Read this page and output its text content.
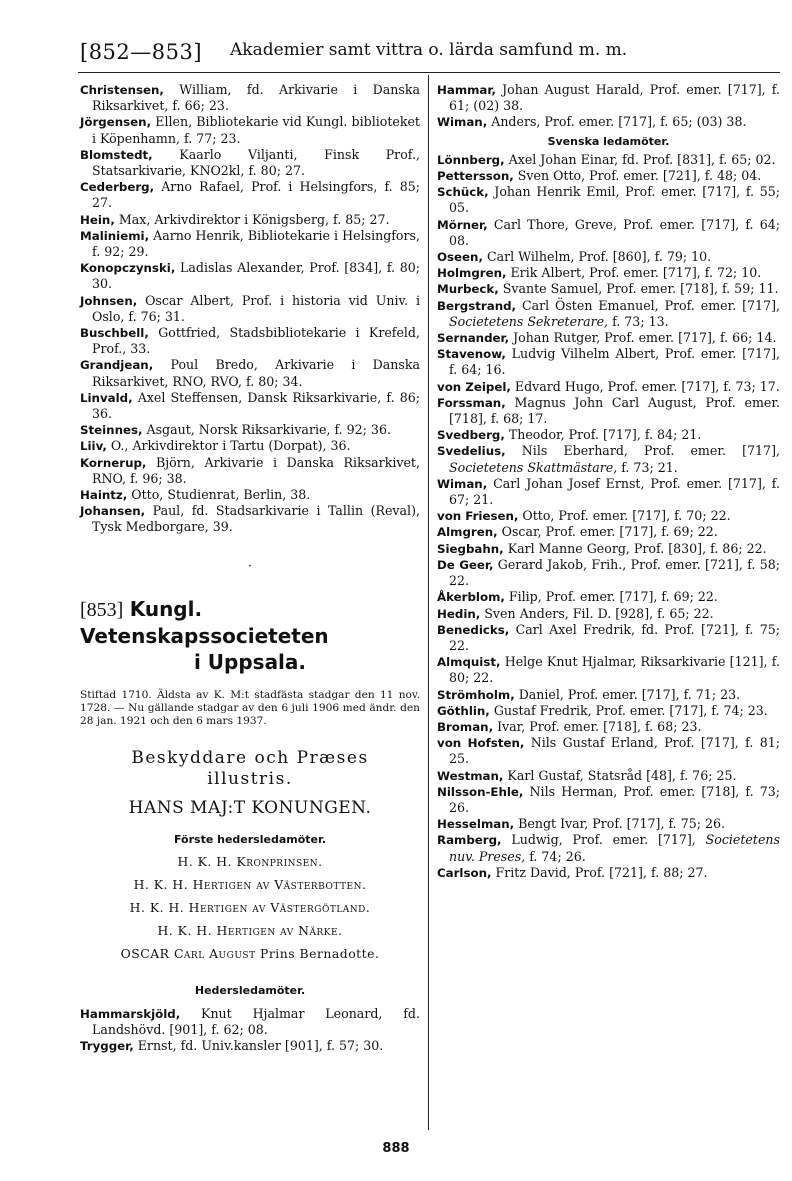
[852—853] Akademier samt vittra o. lärda samfund m. m.
Christensen, William, fd. Arkivarie i Danska Riksarkivet, f. 66; 23.
Jörgensen, Ellen, Bibliotekarie vid Kungl. biblioteket i Köpenhamn, f. 77; 23.
Blomstedt, Kaarlo Viljanti, Finsk Prof., Statsarkivarie, KNO2kl, f. 80; 27.
Cederberg, Arno Rafael, Prof. i Helsingfors, f. 85; 27.
Hein, Max, Arkivdirektor i Königsberg, f. 85; 27.
Maliniemi, Aarno Henrik, Bibliotekarie i Helsingfors, f. 92; 29.
Konopczynski, Ladislas Alexander, Prof. [834], f. 80; 30.
Johnsen, Oscar Albert, Prof. i historia vid Univ. i Oslo, f. 76; 31.
Buschbell, Gottfried, Stadsbibliotekarie i Krefeld, Prof., 33.
Grandjean, Poul Bredo, Arkivarie i Danska Riksarkivet, RNO, RVO, f. 80; 34.
Linvald, Axel Steffensen, Dansk Riksarkivarie, f. 86; 36.
Steinnes, Asgaut, Norsk Riksarkivarie, f. 92; 36.
Liiv, O., Arkivdirektor i Tartu (Dorpat), 36.
Kornerup, Björn, Arkivarie i Danska Riksarkivet, RNO, f. 96; 38.
Haintz, Otto, Studienrat, Berlin, 38.
Johansen, Paul, fd. Stadsarkivarie i Tallin (Reval), Tysk Medborgare, 39.
·
[853] Kungl. Vetenskapssocieteten
i Uppsala.
Stiftad 1710. Äldsta av K. M:t stadfästa stadgar den 11 nov. 1728. — Nu gällande stadgar av den 6 juli 1906 med ändr. den 28 jan. 1921 och den 6 mars 1937.
Beskyddare och Præses
illustris.
HANS MAJ:T KONUNGEN.
Förste hedersledamöter.
H. K. H. Kronprinsen.
H. K. H. Hertigen av Västerbotten.
H. K. H. Hertigen av Västergötland.
H. K. H. Hertigen av Närke.
OSCAR Carl August Prins Bernadotte.
Hedersledamöter.
Hammarskjöld, Knut Hjalmar Leonard, fd. Landshövd. [901], f. 62; 08.
Trygger, Ernst, fd. Univ.kansler [901], f. 57; 30.
Hammar, Johan August Harald, Prof. emer. [717], f. 61; (02) 38.
Wiman, Anders, Prof. emer. [717], f. 65; (03) 38.
Svenska ledamöter.
Lönnberg, Axel Johan Einar, fd. Prof. [831], f. 65; 02.
Pettersson, Sven Otto, Prof. emer. [721], f. 48; 04.
Schück, Johan Henrik Emil, Prof. emer. [717], f. 55; 05.
Mörner, Carl Thore, Greve, Prof. emer. [717], f. 64; 08.
Oseen, Carl Wilhelm, Prof. [860], f. 79; 10.
Holmgren, Erik Albert, Prof. emer. [717], f. 72; 10.
Murbeck, Svante Samuel, Prof. emer. [718], f. 59; 11.
Bergstrand, Carl Östen Emanuel, Prof. emer. [717], Societetens Sekreterare, f. 73; 13.
Sernander, Johan Rutger, Prof. emer. [717], f. 66; 14.
Stavenow, Ludvig Vilhelm Albert, Prof. emer. [717], f. 64; 16.
von Zeipel, Edvard Hugo, Prof. emer. [717], f. 73; 17.
Forssman, Magnus John Carl August, Prof. emer. [718], f. 68; 17.
Svedberg, Theodor, Prof. [717], f. 84; 21.
Svedelius, Nils Eberhard, Prof. emer. [717], Societetens Skattmästare, f. 73; 21.
Wiman, Carl Johan Josef Ernst, Prof. emer. [717], f. 67; 21.
von Friesen, Otto, Prof. emer. [717], f. 70; 22.
Almgren, Oscar, Prof. emer. [717], f. 69; 22.
Siegbahn, Karl Manne Georg, Prof. [830], f. 86; 22.
De Geer, Gerard Jakob, Frih., Prof. emer. [721], f. 58; 22.
Åkerblom, Filip, Prof. emer. [717], f. 69; 22.
Hedin, Sven Anders, Fil. D. [928], f. 65; 22.
Benedicks, Carl Axel Fredrik, fd. Prof. [721], f. 75; 22.
Almquist, Helge Knut Hjalmar, Riksarkivarie [121], f. 80; 22.
Strömholm, Daniel, Prof. emer. [717], f. 71; 23.
Göthlin, Gustaf Fredrik, Prof. emer. [717], f. 74; 23.
Broman, Ivar, Prof. emer. [718], f. 68; 23.
von Hofsten, Nils Gustaf Erland, Prof. [717], f. 81; 25.
Westman, Karl Gustaf, Statsråd [48], f. 76; 25.
Nilsson-Ehle, Nils Herman, Prof. emer. [718], f. 73; 26.
Hesselman, Bengt Ivar, Prof. [717], f. 75; 26.
Ramberg, Ludwig, Prof. emer. [717], Societetens nuv. Preses, f. 74; 26.
Carlson, Fritz David, Prof. [721], f. 88; 27.
888
